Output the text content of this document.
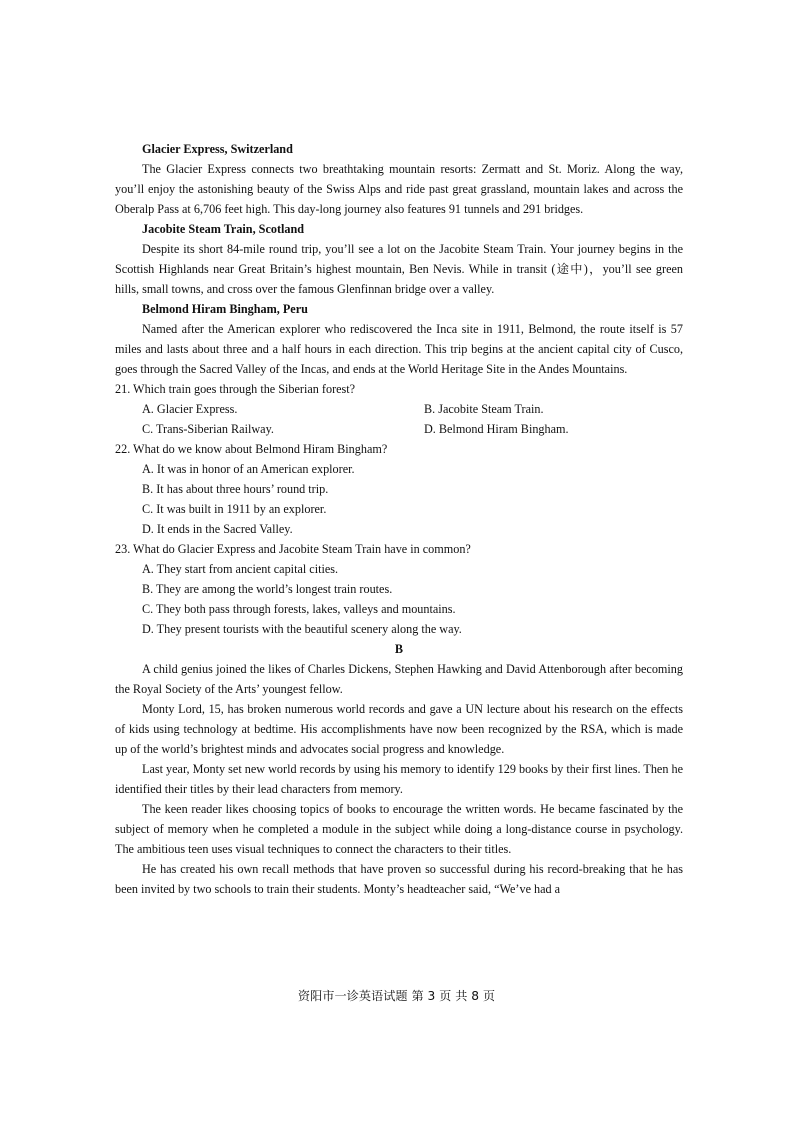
Glacier Express, Switzerland

The Glacier Express connects two breathtaking mountain resorts: Zermatt and St. Moriz. Along the way, you’ll enjoy the astonishing beauty of the Swiss Alps and ride past great grassland, mountain lakes and across the Oberalp Pass at 6,706 feet high. This day-long journey also features 91 tunnels and 291 bridges.

Jacobite Steam Train, Scotland

Despite its short 84-mile round trip, you’ll see a lot on the Jacobite Steam Train. Your journey begins in the Scottish Highlands near Great Britain’s highest mountain, Ben Nevis. While in transit (途中)，you’ll see green hills, small towns, and cross over the famous Glenfinnan bridge over a valley.

Belmond Hiram Bingham, Peru

Named after the American explorer who rediscovered the Inca site in 1911, Belmond, the route itself is 57 miles and lasts about three and a half hours in each direction. This trip begins at the ancient capital city of Cusco, goes through the Sacred Valley of the Incas, and ends at the World Heritage Site in the Andes Mountains.

21. Which train goes through the Siberian forest?

A. Glacier Express.	B. Jacobite Steam Train.
C. Trans-Siberian Railway.	D. Belmond Hiram Bingham.

22. What do we know about Belmond Hiram Bingham?

A. It was in honor of an American explorer.
B. It has about three hours’ round trip.
C. It was built in 1911 by an explorer.
D. It ends in the Sacred Valley.

23. What do Glacier Express and Jacobite Steam Train have in common?

A. They start from ancient capital cities.
B. They are among the world’s longest train routes.
C. They both pass through forests, lakes, valleys and mountains.
D. They present tourists with the beautiful scenery along the way.

B

A child genius joined the likes of Charles Dickens, Stephen Hawking and David Attenborough after becoming the Royal Society of the Arts’ youngest fellow.

Monty Lord, 15, has broken numerous world records and gave a UN lecture about his research on the effects of kids using technology at bedtime. His accomplishments have now been recognized by the RSA, which is made up of the world’s brightest minds and advocates social progress and knowledge.

Last year, Monty set new world records by using his memory to identify 129 books by their first lines. Then he identified their titles by their lead characters from memory.

The keen reader likes choosing topics of books to encourage the written words. He became fascinated by the subject of memory when he completed a module in the subject while doing a long-distance course in psychology. The ambitious teen uses visual techniques to connect the characters to their titles.

He has created his own recall methods that have proven so successful during his record-breaking that he has been invited by two schools to train their students. Monty’s headteacher said, “We’ve had a

资阳市一诊英语试题 第 3 页 共 8 页
